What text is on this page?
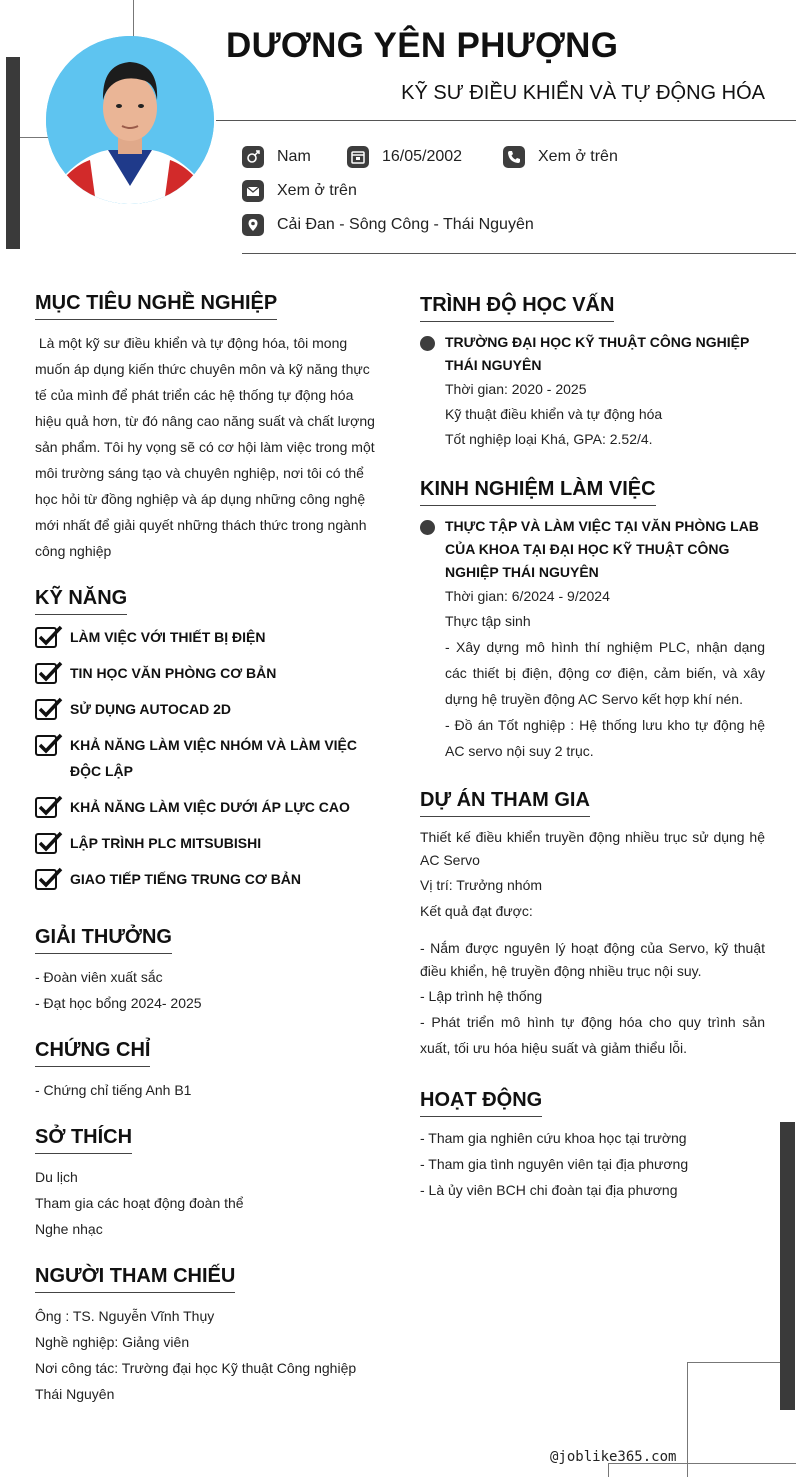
DƯƠNG YÊN PHƯỢNG
KỸ SƯ ĐIỀU KHIỂN VÀ TỰ ĐỘNG HÓA
Nam	16/05/2002	Xem ở trên
Xem ở trên
Cải Đan - Sông Công - Thái Nguyên
MỤC TIÊU NGHỀ NGHIỆP

Là một kỹ sư điều khiển và tự động hóa, tôi mong

muốn áp dụng kiến thức chuyên môn và kỹ năng thực

tế của mình để phát triển các hệ thống tự động hóa

hiệu quả hơn, từ đó nâng cao năng suất và chất lượng

sản phẩm. Tôi hy vọng sẽ có cơ hội làm việc trong một

môi trường sáng tạo và chuyên nghiệp, nơi tôi có thể

học hỏi từ đồng nghiệp và áp dụng những công nghệ

mới nhất để giải quyết những thách thức trong ngành

công nghiệp

KỸ NĂNG
LÀM VIỆC VỚI THIẾT BỊ ĐIỆN
TIN HỌC VĂN PHÒNG CƠ BẢN
SỬ DỤNG AUTOCAD 2D
KHẢ NĂNG LÀM VIỆC NHÓM VÀ LÀM VIỆC ĐỘC LẬP
KHẢ NĂNG LÀM VIỆC DƯỚI ÁP LỰC CAO
LẬP TRÌNH PLC MITSUBISHI
GIAO TIẾP TIẾNG TRUNG CƠ BẢN
GIẢI THƯỞNG

- Đoàn viên xuất sắc

- Đạt học bổng 2024- 2025

CHỨNG CHỈ

- Chứng chỉ tiếng Anh B1

SỞ THÍCH

Du lịch

Tham gia các hoạt động đoàn thể

Nghe nhạc

NGƯỜI THAM CHIẾU

Ông : TS. Nguyễn Vĩnh Thụy

Nghề nghiệp: Giảng viên

Nơi công tác: Trường đại học Kỹ thuật Công nghiệp

Thái Nguyên

TRÌNH ĐỘ HỌC VẤN
TRƯỜNG ĐẠI HỌC KỸ THUẬT CÔNG NGHIỆP THÁI NGUYÊN
Thời gian: 2020 - 2025
Kỹ thuật điều khiển và tự động hóa
Tốt nghiệp loại Khá, GPA: 2.52/4.
KINH NGHIỆM LÀM VIỆC
THỰC TẬP VÀ LÀM VIỆC TẠI VĂN PHÒNG LAB CỦA KHOA TẠI ĐẠI HỌC KỸ THUẬT CÔNG NGHIỆP THÁI NGUYÊN
Thời gian: 6/2024 - 9/2024
Thực tập sinh
- Xây dựng mô hình thí nghiệm PLC, nhận dạng các thiết bị điện, động cơ điện, cảm biến, và xây dựng hệ truyền động AC Servo kết hợp khí nén.
- Đồ án Tốt nghiệp : Hệ thống lưu kho tự động hệ AC servo nội suy 2 trục.
DỰ ÁN THAM GIA
Thiết kế điều khiển truyền động nhiều trục sử dụng hệ AC Servo
Vị trí: Trưởng nhóm
Kết quả đạt được:
- Nắm được nguyên lý hoạt động của Servo, kỹ thuật điều khiển, hệ truyền động nhiều trục nội suy.
- Lập trình hệ thống
- Phát triển mô hình tự động hóa cho quy trình sản xuất, tối ưu hóa hiệu suất và giảm thiểu lỗi.
HOẠT ĐỘNG
- Tham gia nghiên cứu khoa học tại trường
- Tham gia tình nguyên viên tại địa phương
- Là ủy viên BCH chi đoàn tại địa phương
@joblike365.com
